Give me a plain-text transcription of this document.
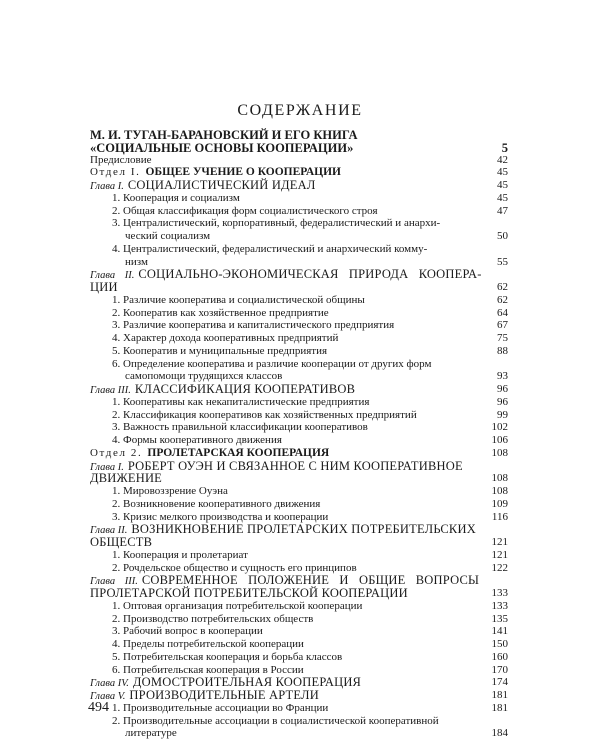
СОДЕРЖАНИЕ
М. И. ТУГАН-БАРАНОВСКИЙ И ЕГО КНИГА
«СОЦИАЛЬНЫЕ ОСНОВЫ КООПЕРАЦИИ»	5
Предисловие	42
Отдел I. ОБЩЕЕ УЧЕНИЕ О КООПЕРАЦИИ	45
Глава I. СОЦИАЛИСТИЧЕСКИЙ ИДЕАЛ	45
1. Кооперация и социализм	45
2. Общая классификация форм социалистического строя	47
3. Централистический, корпоративный, федералистический и анархи-
ческий социализм	50
4. Централистический, федералистический и анархический комму-
низм	55
Глава II. СОЦИАЛЬНО-ЭКОНОМИЧЕСКАЯ ПРИРОДА КООПЕРА-
ЦИИ	62
1. Различие кооператива и социалистической общины	62
2. Кооператив как хозяйственное предприятие	64
3. Различие кооператива и капиталистического предприятия	67
4. Характер дохода кооперативных предприятий	75
5. Кооператив и муниципальные предприятия	88
6. Определение кооператива и различие кооперации от других форм
самопомощи трудящихся классов	93
Глава III. КЛАССИФИКАЦИЯ КООПЕРАТИВОВ	96
1. Кооперативы как некапиталистические предприятия	96
2. Классификация кооперативов как хозяйственных предприятий	99
3. Важность правильной классификации кооперативов	102
4. Формы кооперативного движения	106
Отдел 2. ПРОЛЕТАРСКАЯ КООПЕРАЦИЯ	108
Глава I. РОБЕРТ ОУЭН И СВЯЗАННОЕ С НИМ КООПЕРАТИВНОЕ
ДВИЖЕНИЕ	108
1. Мировоззрение Оуэна	108
2. Возникновение кооперативного движения	109
3. Кризис мелкого производства и кооперации	116
Глава II. ВОЗНИКНОВЕНИЕ ПРОЛЕТАРСКИХ ПОТРЕБИТЕЛЬСКИХ
ОБЩЕСТВ	121
1. Кооперация и пролетариат	121
2. Рочдельское общество и сущность его принципов	122
Глава III. СОВРЕМЕННОЕ ПОЛОЖЕНИЕ И ОБЩИЕ ВОПРОСЫ
ПРОЛЕТАРСКОЙ ПОТРЕБИТЕЛЬСКОЙ КООПЕРАЦИИ	133
1. Оптовая организация потребительской кооперации	133
2. Производство потребительских обществ	135
3. Рабочий вопрос в кооперации	141
4. Пределы потребительской кооперации	150
5. Потребительская кооперация и борьба классов	160
6. Потребительская кооперация в России	170
Глава IV. ДОМОСТРОИТЕЛЬНАЯ КООПЕРАЦИЯ	174
Глава V. ПРОИЗВОДИТЕЛЬНЫЕ АРТЕЛИ	181
1. Производительные ассоциации во Франции	181
2. Производительные ассоциации в социалистической кооперативной
литературе	184
494
